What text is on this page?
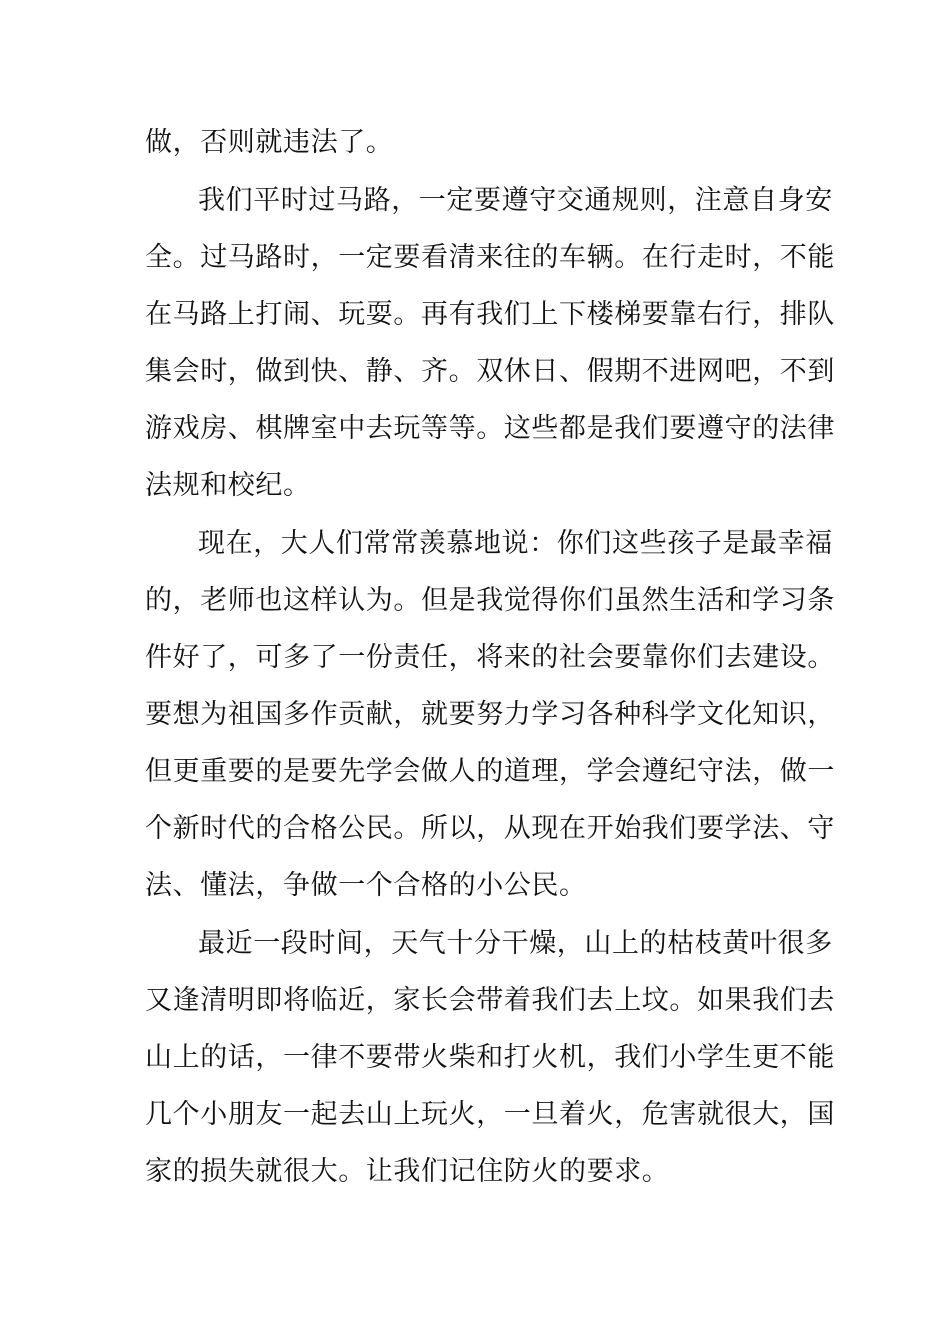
做，否则就违法了。
我们平时过马路，一定要遵守交通规则，注意自身安
全。过马路时，一定要看清来往的车辆。在行走时，不能
在马路上打闹、玩耍。再有我们上下楼梯要靠右行，排队
集会时，做到快、静、齐。双休日、假期不进网吧，不到
游戏房、棋牌室中去玩等等。这些都是我们要遵守的法律
法规和校纪。
现在，大人们常常羡慕地说：你们这些孩子是最幸福
的，老师也这样认为。但是我觉得你们虽然生活和学习条
件好了，可多了一份责任，将来的社会要靠你们去建设。
要想为祖国多作贡献，就要努力学习各种科学文化知识，
但更重要的是要先学会做人的道理，学会遵纪守法，做一
个新时代的合格公民。所以，从现在开始我们要学法、守
法、懂法，争做一个合格的小公民。
最近一段时间，天气十分干燥，山上的枯枝黄叶很多
又逢清明即将临近，家长会带着我们去上坟。如果我们去
山上的话，一律不要带火柴和打火机，我们小学生更不能
几个小朋友一起去山上玩火，一旦着火，危害就很大，国
家的损失就很大。让我们记住防火的要求。
